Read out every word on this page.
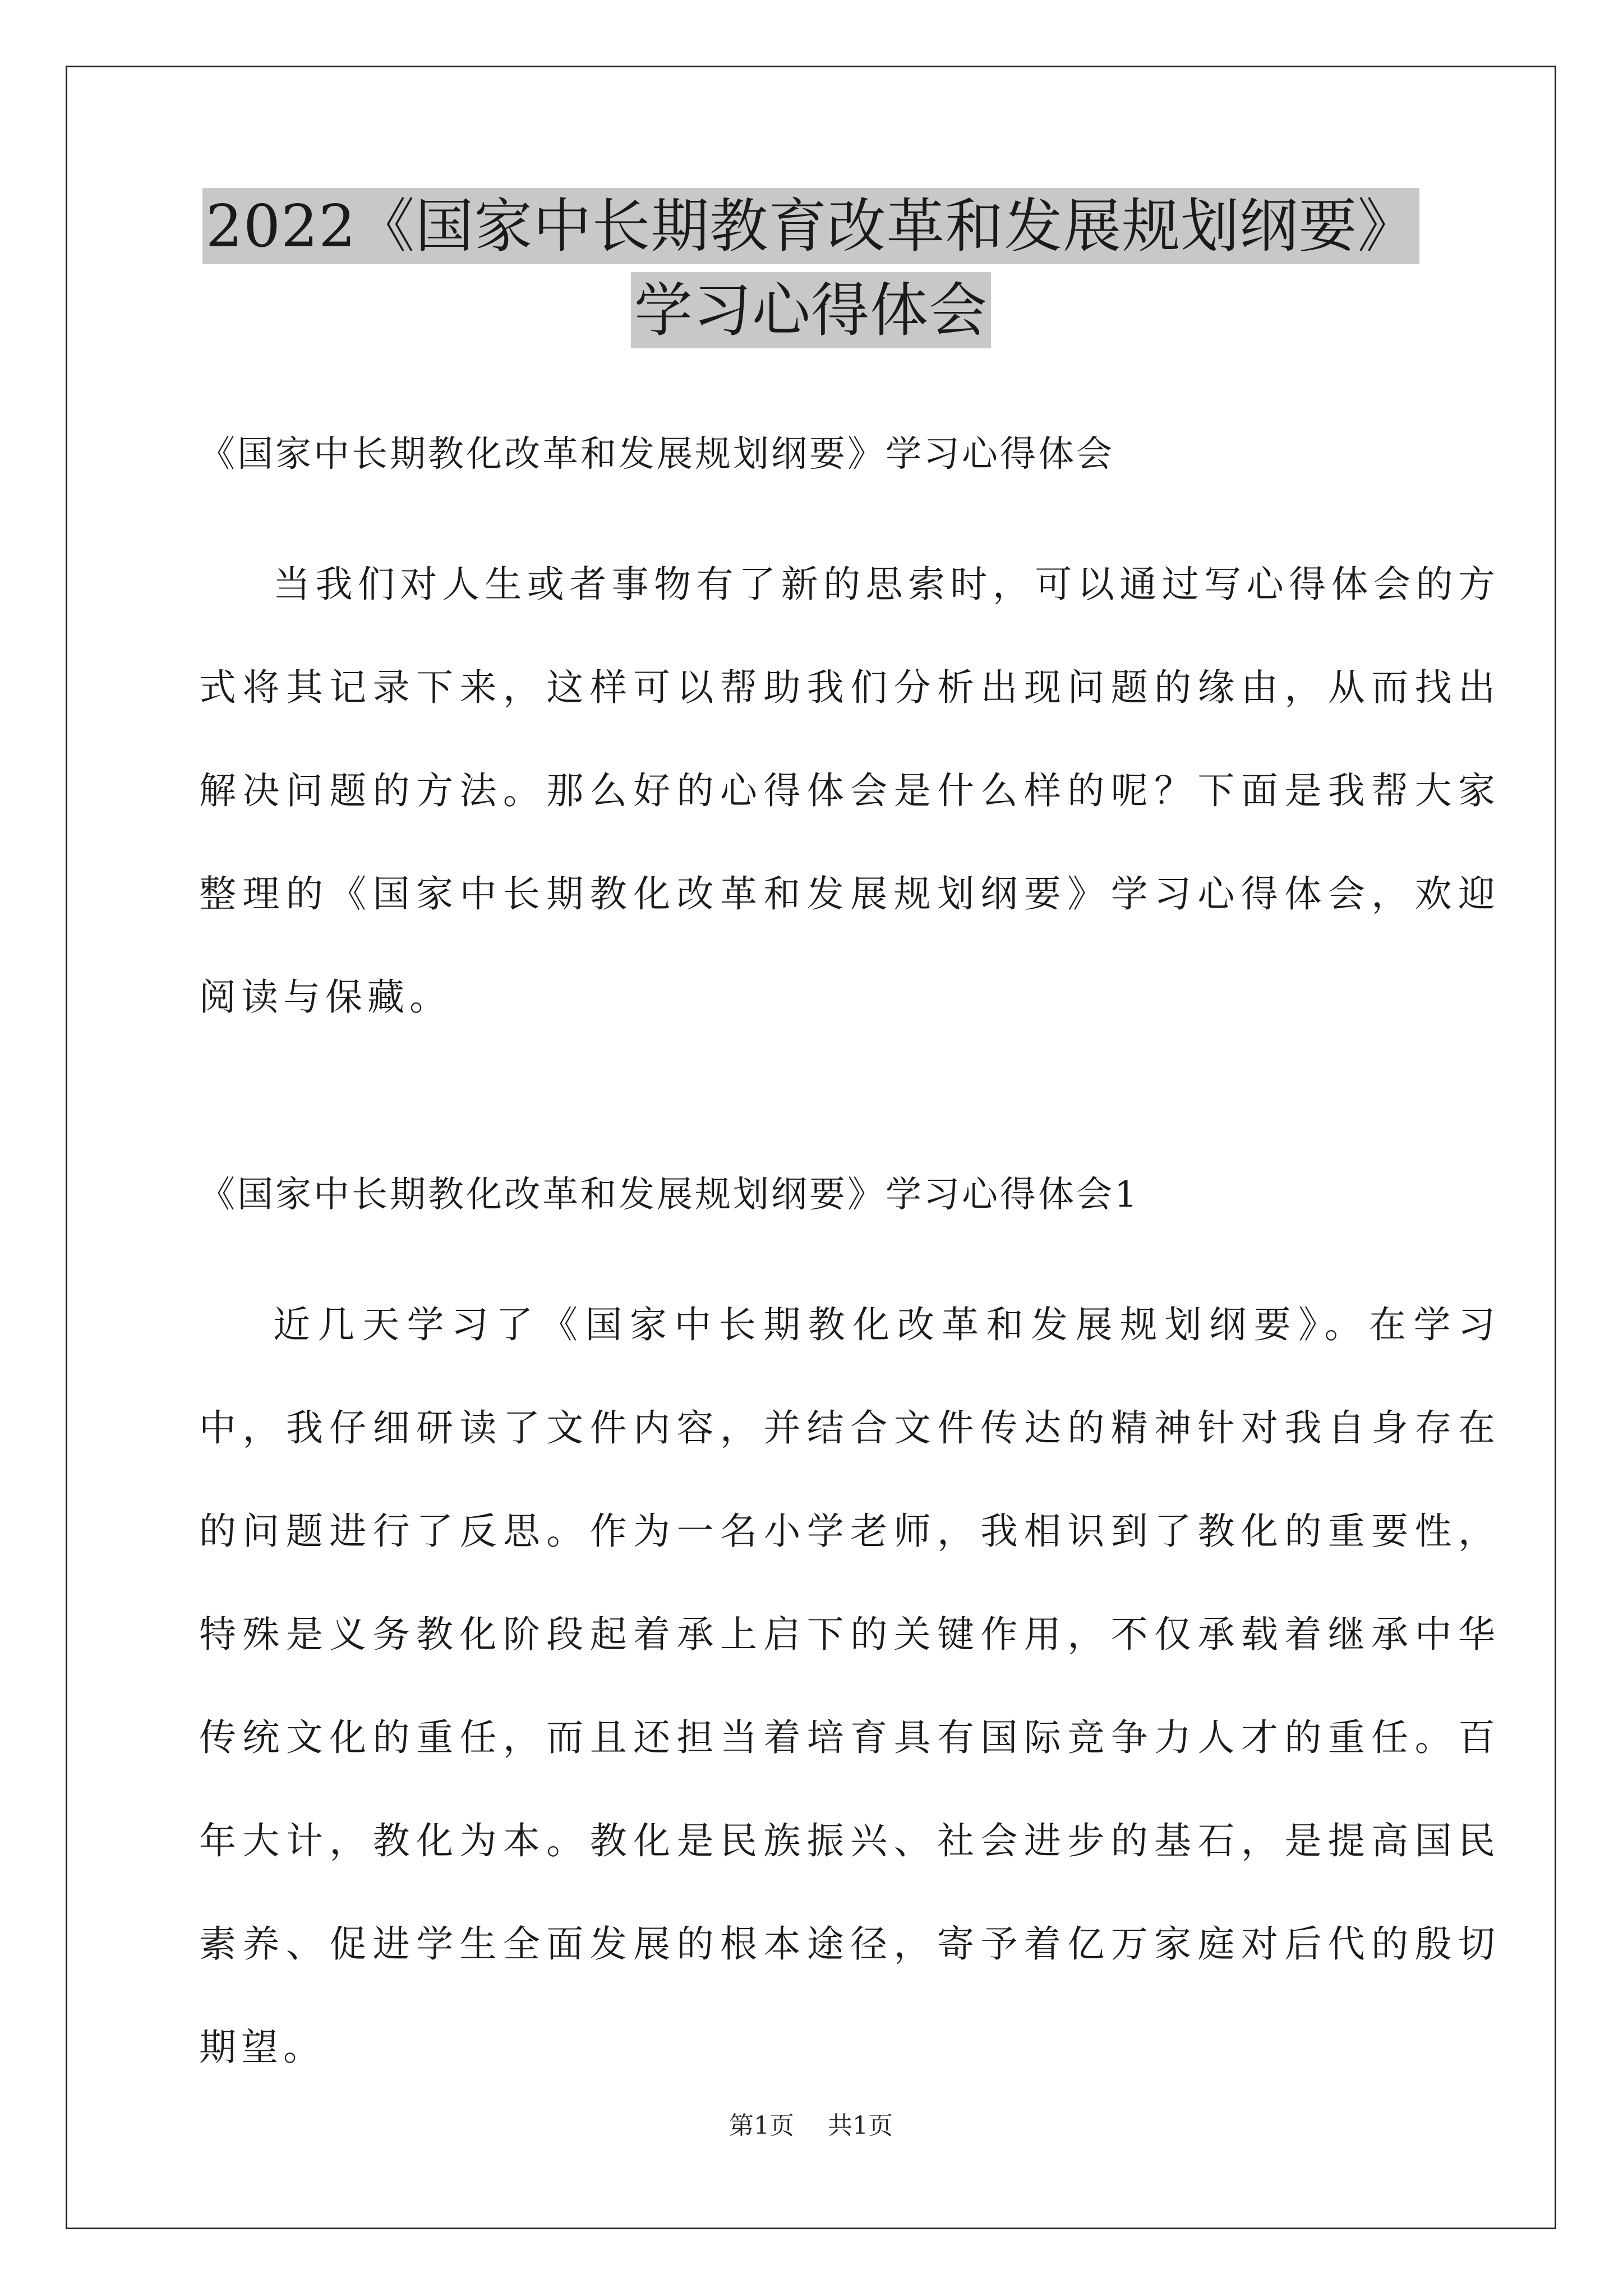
2022《国家中长期教育改革和发展规划纲要》
学习心得体会

《国家中长期教化改革和发展规划纲要》学习心得体会

当我们对人生或者事物有了新的思索时，可以通过写心得体会的方式将其记录下来，这样可以帮助我们分析出现问题的缘由，从而找出解决问题的方法。那么好的心得体会是什么样的呢？下面是我帮大家整理的《国家中长期教化改革和发展规划纲要》学习心得体会，欢迎阅读与保藏。

《国家中长期教化改革和发展规划纲要》学习心得体会1

近几天学习了《国家中长期教化改革和发展规划纲要》。在学习中，我仔细研读了文件内容，并结合文件传达的精神针对我自身存在的问题进行了反思。作为一名小学老师，我相识到了教化的重要性，特殊是义务教化阶段起着承上启下的关键作用，不仅承载着继承中华传统文化的重任，而且还担当着培育具有国际竞争力人才的重任。百年大计，教化为本。教化是民族振兴、社会进步的基石，是提高国民素养、促进学生全面发展的根本途径，寄予着亿万家庭对后代的殷切期望。

第1页 共1页
